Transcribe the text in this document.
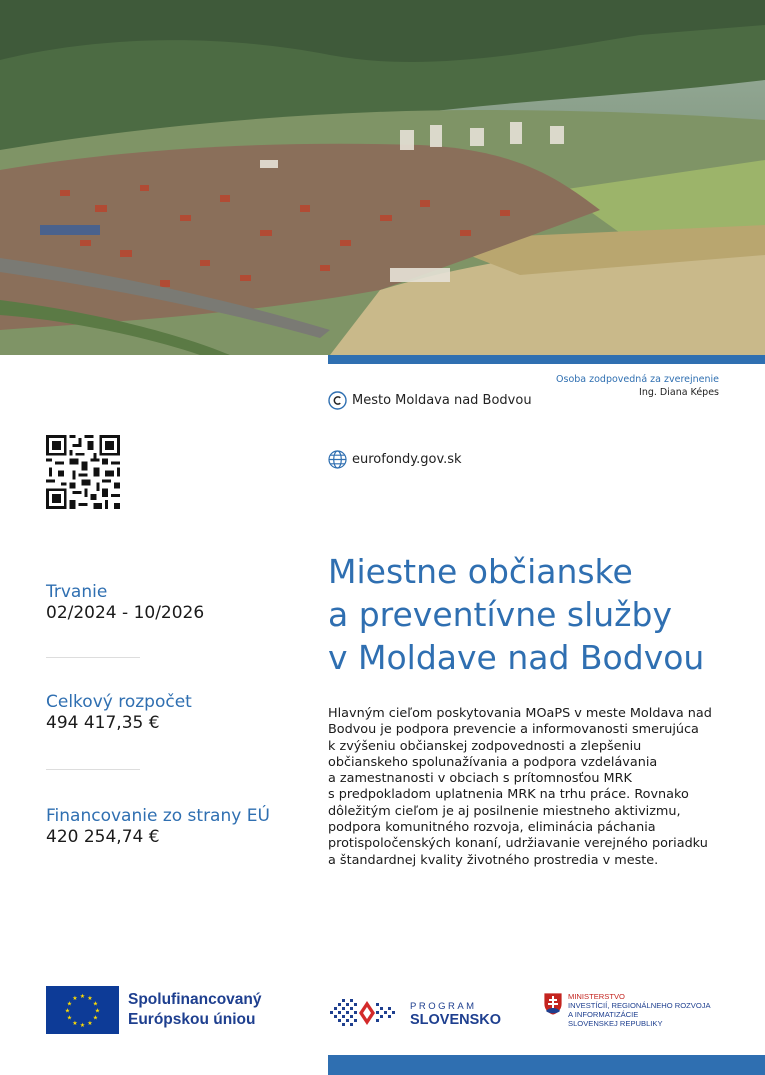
Osoba zodpovedná za zverejnenie
Ing. Diana Képes
Mesto Moldava nad Bodvou
eurofondy.gov.sk
Trvanie
02/2024 - 10/2026
Celkový rozpočet
494 417,35 €
Financovanie zo strany EÚ
420 254,74 €
Miestne občianske
a preventívne služby
v Moldave nad Bodvou
Hlavným cieľom poskytovania MOaPS v meste Moldava nad
Bodvou je podpora prevencie a informovanosti smerujúca
k zvýšeniu občianskej zodpovednosti a zlepšeniu
občianskeho spolunažívania a podpora vzdelávania
a zamestnanosti v obciach s prítomnosťou MRK
s predpokladom uplatnenia MRK na trhu práce. Rovnako
dôležitým cieľom je aj posilnenie miestneho aktivizmu,
podpora komunitného rozvoja, eliminácia páchania
protispoločenských konaní, udržiavanie verejného poriadku
a štandardnej kvality životného prostredia v meste.
★ ★
★
★
★
★
★
★
★
★
★
★	Spolufinancovaný
Európskou úniou
PROGRAM
SLOVENSKO
MINISTERSTVO
INVESTÍCIÍ, REGIONÁLNEHO ROZVOJA
A INFORMATIZÁCIE
SLOVENSKEJ REPUBLIKY
